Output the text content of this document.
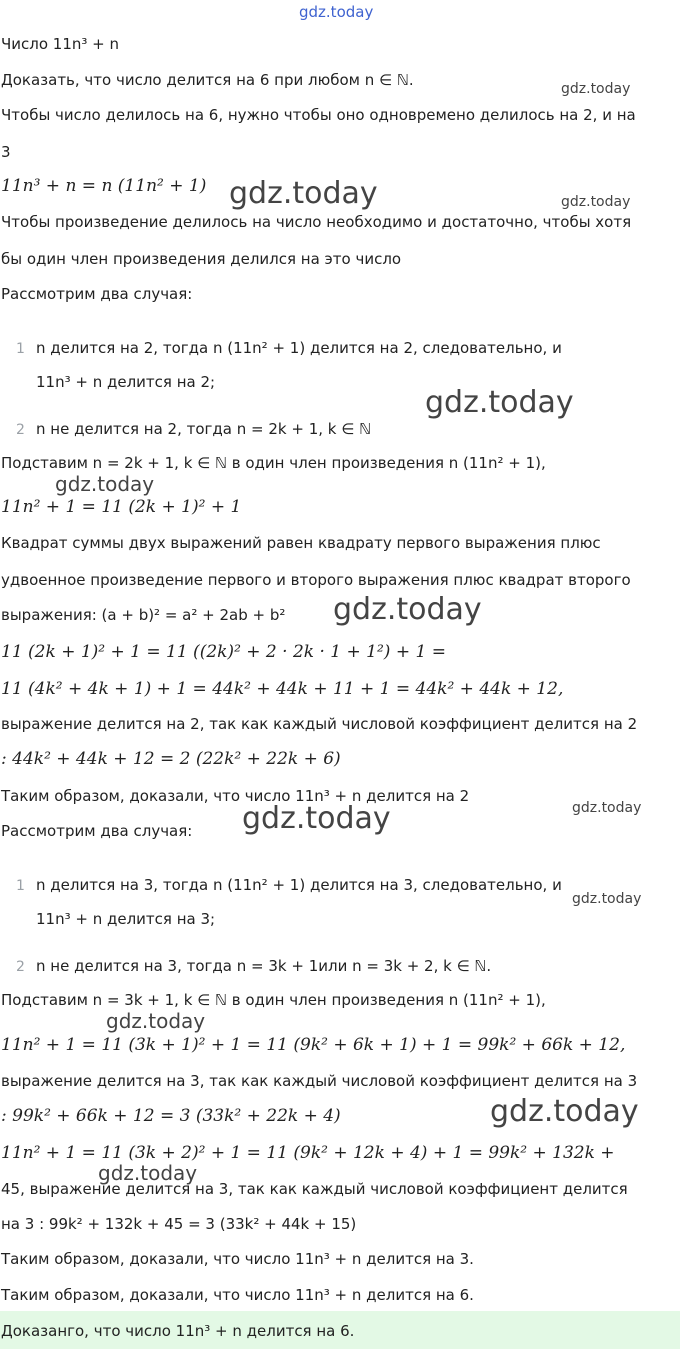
gdz.today
gdz.today
gdz.today	gdz.today
gdz.today
gdz.today
gdz.today
gdz.today
gdz.today
gdz.today
gdz.today
gdz.today
gdz.today
Число 11n³ + n
Доказать, что число делится на 6 при любом n ∈ ℕ.
Чтобы число делилось на 6, нужно чтобы оно одновремено делилось на 2, и на
3
11n³ + n = n (11n² + 1)
Чтобы произведение делилось на число необходимо и достаточно, чтобы хотя
бы один член произведения делился на это число
Рассмотрим два случая:
1 n делится на 2, тогда n (11n² + 1) делится на 2, следовательно, и
11n³ + n делится на 2;
2 n не делится на 2, тогда n = 2k + 1, k ∈ ℕ
Подставим n = 2k + 1, k ∈ ℕ в один член произведения n (11n² + 1),
11n² + 1 = 11 (2k + 1)² + 1
Квадрат суммы двух выражений равен квадрату первого выражения плюс
удвоенное произведение первого и второго выражения плюс квадрат второго
выражения: (a + b)² = a² + 2ab + b²
11 (2k + 1)² + 1 = 11 ((2k)² + 2 · 2k · 1 + 1²) + 1 =
11 (4k² + 4k + 1) + 1 = 44k² + 44k + 11 + 1 = 44k² + 44k + 12,
выражение делится на 2, так как каждый числовой коэффициент делится на 2
: 44k² + 44k + 12 = 2 (22k² + 22k + 6)
Таким образом, доказали, что число 11n³ + n делится на 2
Рассмотрим два случая:
1 n делится на 3, тогда n (11n² + 1) делится на 3, следовательно, и
11n³ + n делится на 3;
2 n не делится на 3, тогда n = 3k + 1или n = 3k + 2, k ∈ ℕ.
Подставим n = 3k + 1, k ∈ ℕ в один член произведения n (11n² + 1),
11n² + 1 = 11 (3k + 1)² + 1 = 11 (9k² + 6k + 1) + 1 = 99k² + 66k + 12,
выражение делится на 3, так как каждый числовой коэффициент делится на 3
: 99k² + 66k + 12 = 3 (33k² + 22k + 4)
11n² + 1 = 11 (3k + 2)² + 1 = 11 (9k² + 12k + 4) + 1 = 99k² + 132k +
45, выражение делится на 3, так как каждый числовой коэффициент делится
на 3 : 99k² + 132k + 45 = 3 (33k² + 44k + 15)
Таким образом, доказали, что число 11n³ + n делится на 3.
Таким образом, доказали, что число 11n³ + n делится на 6.
Доказанго, что число 11n³ + n делится на 6.
